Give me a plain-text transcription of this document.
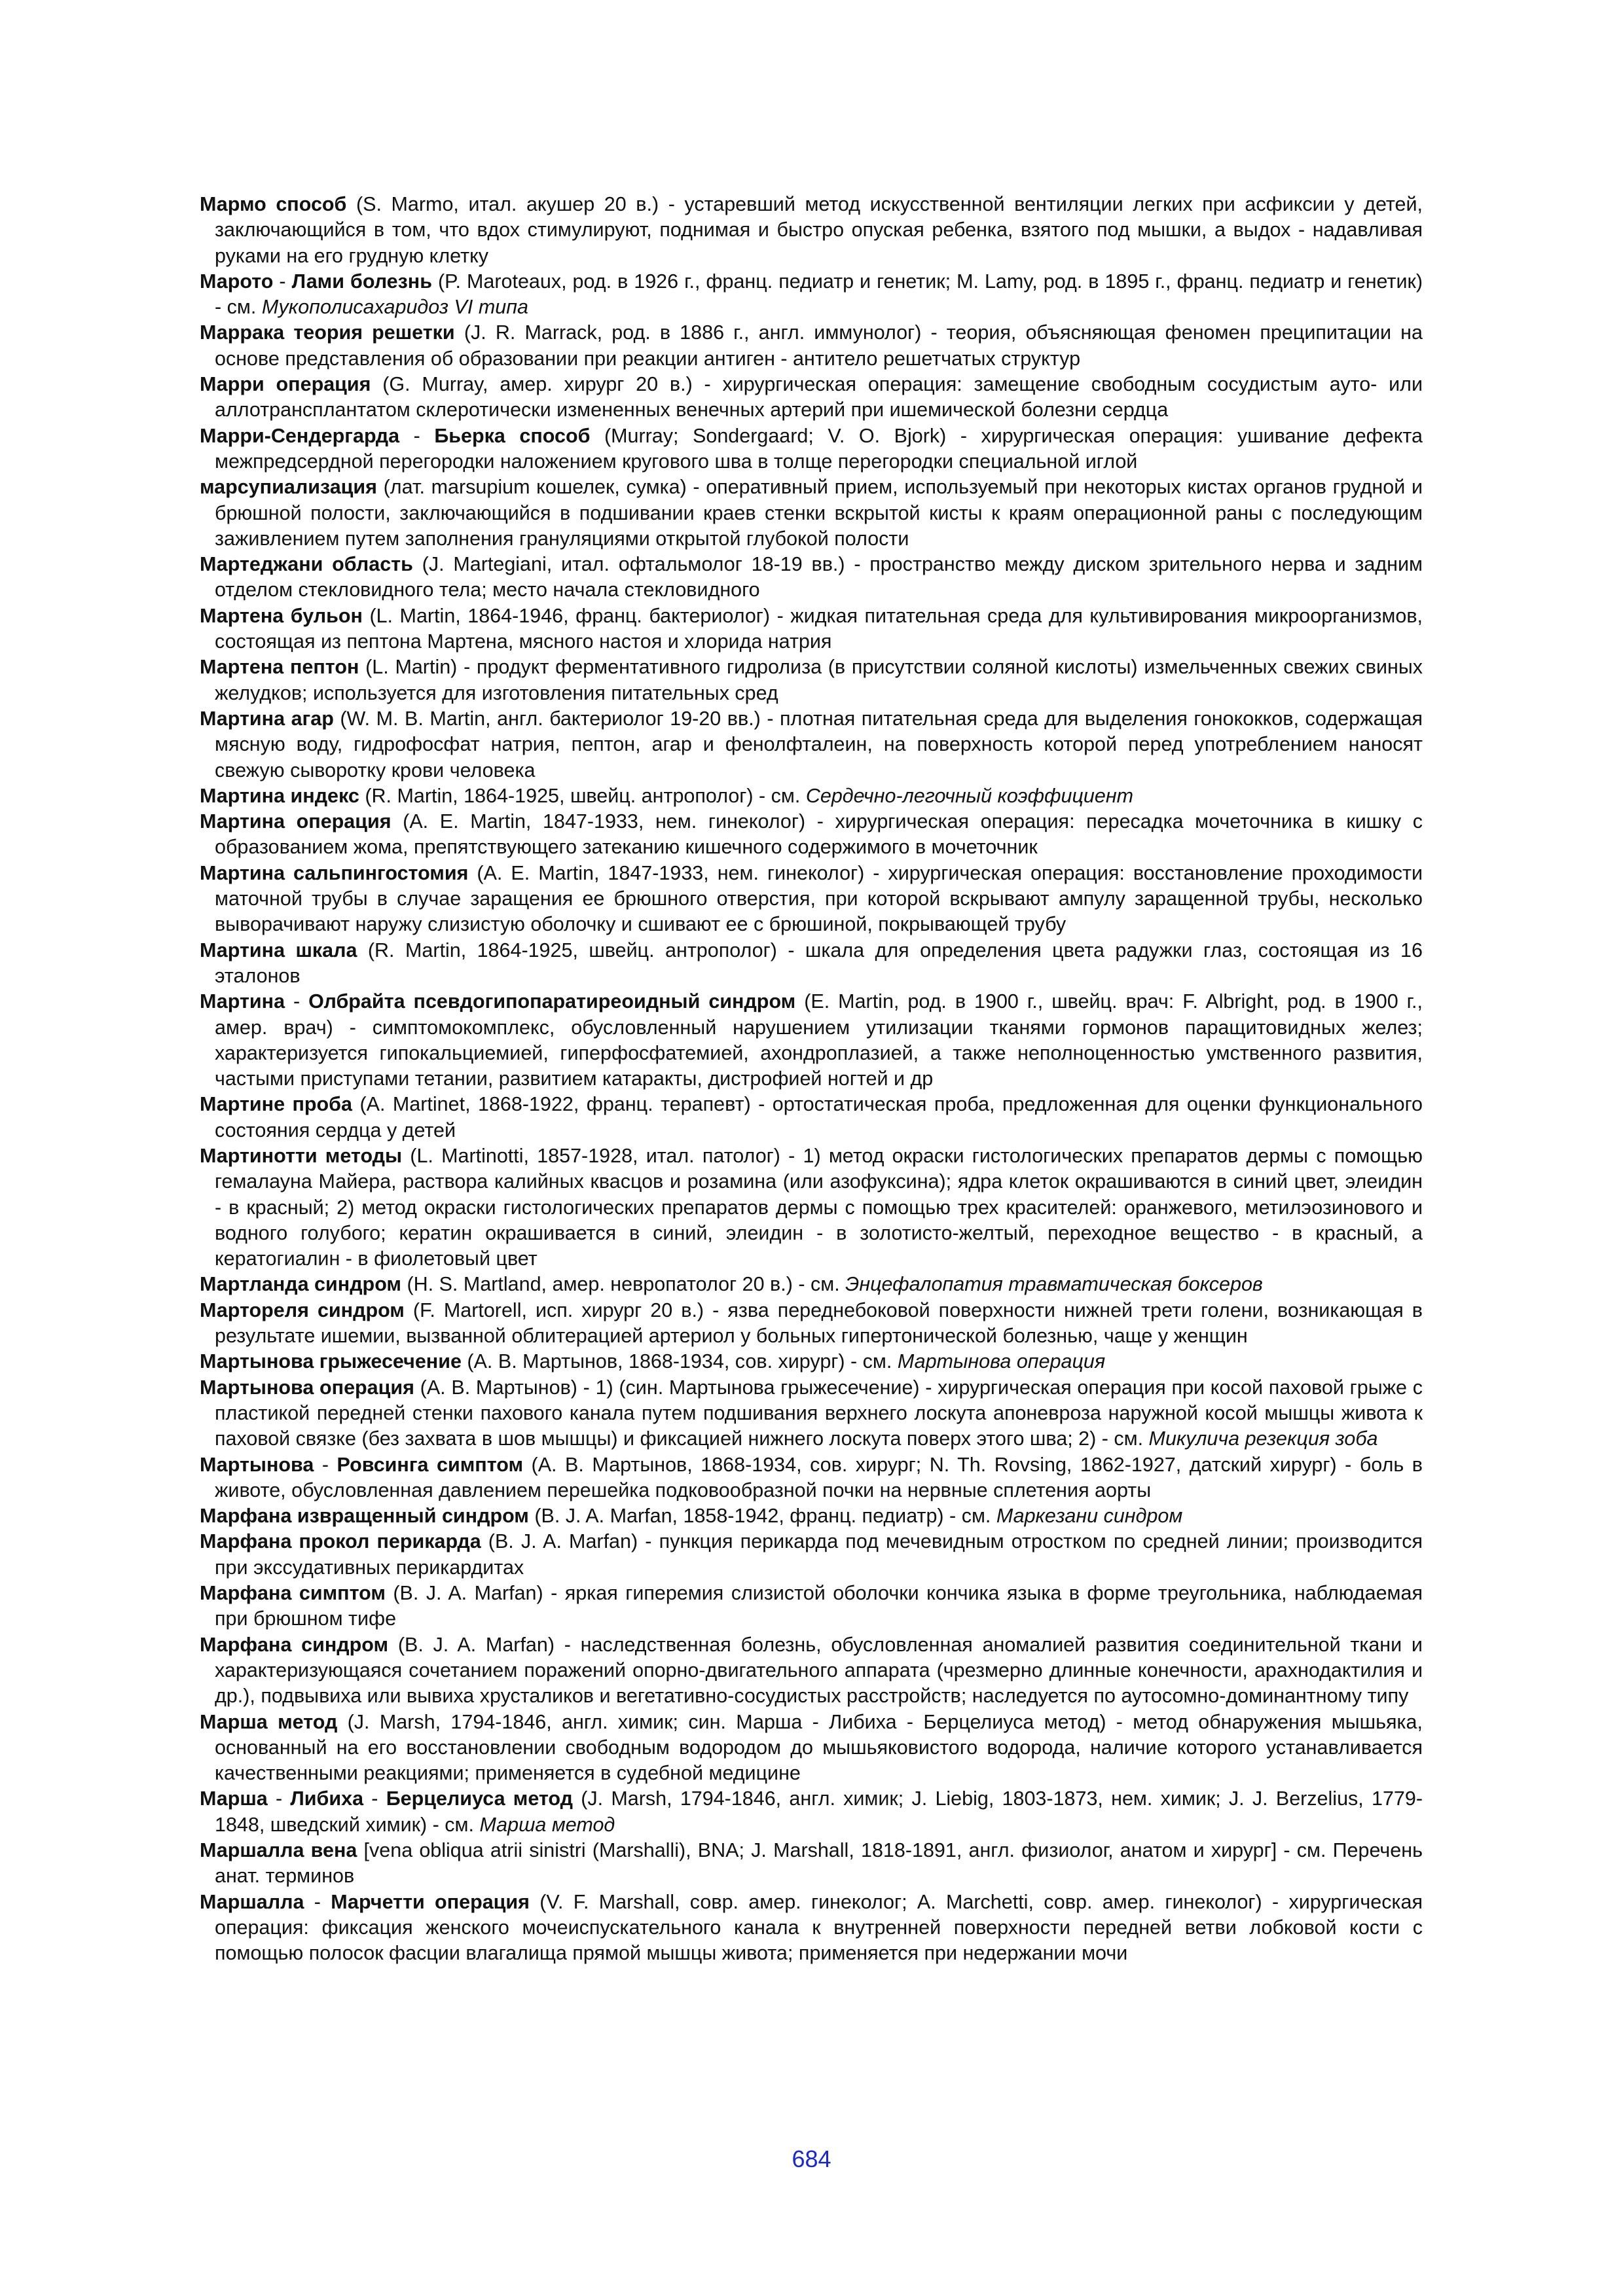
Мармо способ (S. Marmo, итал. акушер 20 в.) - устаревший метод искусственной вентиляции легких при асфиксии у детей, заключающийся в том, что вдох стимулируют, поднимая и быстро опуская ребенка, взятого под мышки, а выдох - надавливая руками на его грудную клетку

Марото - Лами болезнь (P. Maroteaux, род. в 1926 г., франц. педиатр и генетик; M. Lamy, род. в 1895 г., франц. педиатр и генетик) - см. Мукополисахаридоз VI типа

Марракa теория решетки (J. R. Marrack, род. в 1886 г., англ. иммунолог) - теория, объясняющая феномен преципитации на основе представления об образовании при реакции антиген - антитело решетчатых структур

Марри операция (G. Murray, амер. хирург 20 в.) - хирургическая операция: замещение свободным сосудистым ауто- или аллотрансплантатом склеротически измененных венечных артерий при ишемической болезни сердца

Марри-Сендергарда - Бьерка способ (Murray; Sondergaard; V. O. Bjork) - хирургическая операция: ушивание дефекта межпредсердной перегородки наложением кругового шва в толще перегородки специальной иглой

марсупиализация (лат. marsupium кошелек, сумка) - оперативный прием, используемый при некоторых кистах органов грудной и брюшной полости, заключающийся в подшивании краев стенки вскрытой кисты к краям операционной раны с последующим заживлением путем заполнения грануляциями открытой глубокой полости

Мартеджани область (J. Martegiani, итал. офтальмолог 18-19 вв.) - пространство между диском зрительного нерва и задним отделом стекловидного тела; место начала стекловидного

Мартена бульон (L. Martin, 1864-1946, франц. бактериолог) - жидкая питательная среда для культивирования микроорганизмов, состоящая из пептона Мартена, мясного настоя и хлорида натрия

Мартена пептон (L. Martin) - продукт ферментативного гидролиза (в присутствии соляной кислоты) измельченных свежих свиных желудков; используется для изготовления питательных сред

Мартина агар (W. M. B. Martin, англ. бактериолог 19-20 вв.) - плотная питательная среда для выделения гонококков, содержащая мясную воду, гидрофосфат натрия, пептон, агар и фенолфталеин, на поверхность которой перед употреблением наносят свежую сыворотку крови человека

Мартина индекс (R. Martin, 1864-1925, швейц. антрополог) - см. Сердечно-легочный коэффициент

Мартина операция (A. E. Martin, 1847-1933, нем. гинеколог) - хирургическая операция: пересадка мочеточника в кишку с образованием жома, препятствующего затеканию кишечного содержимого в мочеточник

Мартина сальпингостомия (A. E. Martin, 1847-1933, нем. гинеколог) - хирургическая операция: восстановление проходимости маточной трубы в случае заращения ее брюшного отверстия, при которой вскрывают ампулу заращенной трубы, несколько выворачивают наружу слизистую оболочку и сшивают ее с брюшиной, покрывающей трубу

Мартина шкала (R. Martin, 1864-1925, швейц. антрополог) - шкала для определения цвета радужки глаз, состоящая из 16 эталонов

Мартина - Олбрайта псевдогипопаратиреоидный синдром (E. Martin, род. в 1900 г., швейц. врач: F. Albright, род. в 1900 г., амер. врач) - симптомокомплекс, обусловленный нарушением утилизации тканями гормонов паращитовидных желез; характеризуется гипокальциемией, гиперфосфатемией, ахондроплазией, а также неполноценностью умственного развития, частыми приступами тетании, развитием катаракты, дистрофией ногтей и др

Мартине проба (A. Martinet, 1868-1922, франц. терапевт) - ортостатическая проба, предложенная для оценки функционального состояния сердца у детей

Мартинотти методы (L. Martinotti, 1857-1928, итал. патолог) - 1) метод окраски гистологических препаратов дермы с помощью гемалауна Майера, раствора калийных квасцов и розамина (или азофуксина); ядра клеток окрашиваются в синий цвет, элеидин - в красный; 2) метод окраски гистологических препаратов дермы с помощью трех красителей: оранжевого, метилэозинового и водного голубого; кератин окрашивается в синий, элеидин - в золотисто-желтый, переходное вещество - в красный, а кератогиалин - в фиолетовый цвет

Мартланда синдром (H. S. Martland, амер. невропатолог 20 в.) - см. Энцефалопатия травматическая боксеров

Мартореля синдром (F. Martorell, исп. хирург 20 в.) - язва переднебоковой поверхности нижней трети голени, возникающая в результате ишемии, вызванной облитерацией артериол у больных гипертонической болезнью, чаще у женщин

Мартынова грыжесечение (А. В. Мартынов, 1868-1934, сов. хирург) - см. Мартынова операция

Мартынова операция (А. В. Мартынов) - 1) (син. Мартынова грыжесечение) - хирургическая операция при косой паховой грыже с пластикой передней стенки пахового канала путем подшивания верхнего лоскута апоневроза наружной косой мышцы живота к паховой связке (без захвата в шов мышцы) и фиксацией нижнего лоскута поверх этого шва; 2) - см. Микулича резекция зоба

Мартынова - Ровсинга симптом (А. В. Мартынов, 1868-1934, сов. хирург; N. Th. Rovsing, 1862-1927, датский хирург) - боль в животе, обусловленная давлением перешейка подковообразной почки на нервные сплетения аорты

Марфана извращенный синдром (B. J. A. Marfan, 1858-1942, франц. педиатр) - см. Маркезани синдром

Марфана прокол перикарда (B. J. A. Marfan) - пункция перикарда под мечевидным отростком по средней линии; производится при экссудативных перикардитах

Марфана симптом (B. J. A. Marfan) - яркая гиперемия слизистой оболочки кончика языка в форме треугольника, наблюдаемая при брюшном тифе

Марфана синдром (B. J. A. Marfan) - наследственная болезнь, обусловленная аномалией развития соединительной ткани и характеризующаяся сочетанием поражений опорно-двигательного аппарата (чрезмерно длинные конечности, арахнодактилия и др.), подвывиха или вывиха хрусталиков и вегетативно-сосудистых расстройств; наследуется по аутосомно-доминантному типу

Марша метод (J. Marsh, 1794-1846, англ. химик; син. Марша - Либиха - Берцелиуса метод) - метод обнаружения мышьяка, основанный на его восстановлении свободным водородом до мышьяковистого водорода, наличие которого устанавливается качественными реакциями; применяется в судебной медицине

Марша - Либиха - Берцелиуса метод (J. Marsh, 1794-1846, англ. химик; J. Liebig, 1803-1873, нем. химик; J. J. Berzelius, 1779-1848, шведский химик) - см. Марша метод

Маршалла вена [vena obliqua atrii sinistri (Marshalli), BNA; J. Marshall, 1818-1891, англ. физиолог, анатом и хирург] - см. Перечень анат. терминов

Маршалла - Марчетти операция (V. F. Marshall, совр. амер. гинеколог; A. Marchetti, совр. амер. гинеколог) - хирургическая операция: фиксация женского мочеиспускательного канала к внутренней поверхности передней ветви лобковой кости с помощью полосок фасции влагалища прямой мышцы живота; применяется при недержании мочи

684
